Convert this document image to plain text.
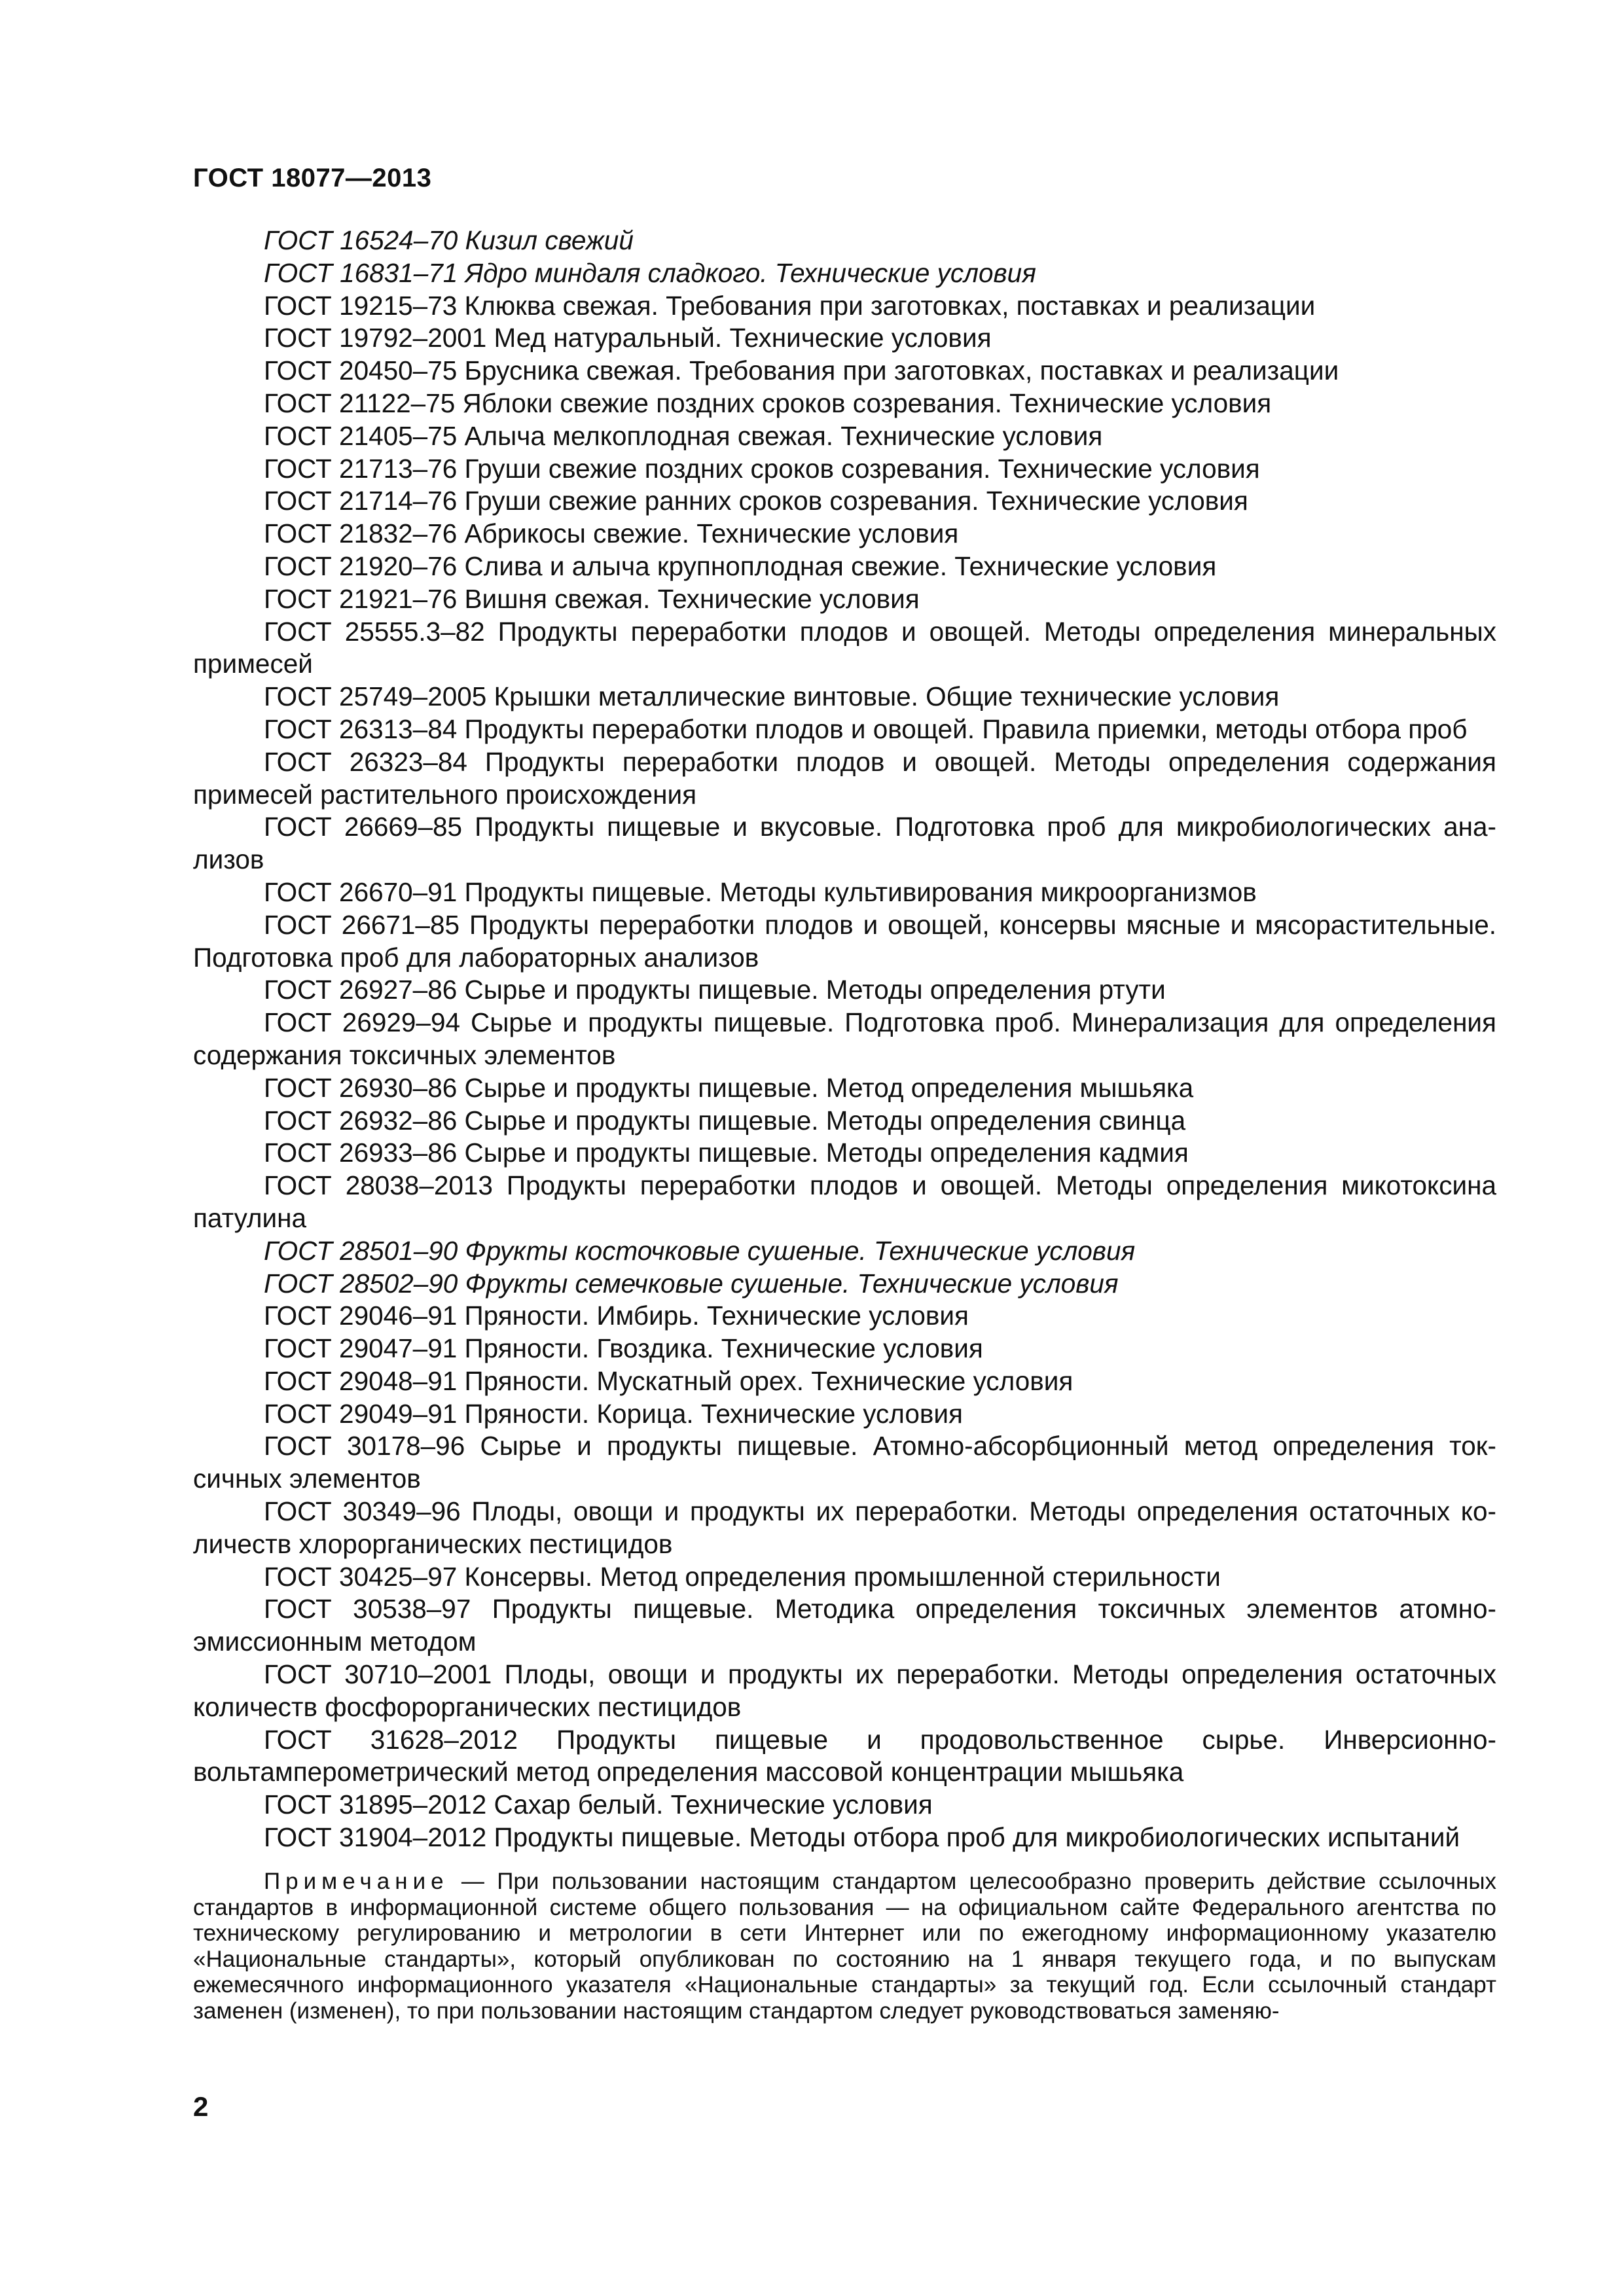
ГОСТ 18077—2013
ГОСТ 16524–70 Кизил свежий
ГОСТ 16831–71 Ядро миндаля сладкого. Технические условия
ГОСТ 19215–73 Клюква свежая. Требования при заготовках, поставках и реализации
ГОСТ 19792–2001 Мед натуральный. Технические условия
ГОСТ 20450–75 Брусника свежая. Требования при заготовках, поставках и реализации
ГОСТ 21122–75 Яблоки свежие поздних сроков созревания. Технические условия
ГОСТ 21405–75 Алыча мелкоплодная свежая. Технические условия
ГОСТ 21713–76 Груши свежие поздних сроков созревания. Технические условия
ГОСТ 21714–76 Груши свежие ранних сроков созревания. Технические условия
ГОСТ 21832–76 Абрикосы свежие. Технические условия
ГОСТ 21920–76 Слива и алыча крупноплодная свежие. Технические условия
ГОСТ 21921–76 Вишня свежая. Технические условия
ГОСТ 25555.3–82 Продукты переработки плодов и овощей. Методы определения минеральных примесей
ГОСТ 25749–2005 Крышки металлические винтовые. Общие технические условия
ГОСТ 26313–84 Продукты переработки плодов и овощей. Правила приемки, методы отбора проб
ГОСТ 26323–84 Продукты переработки плодов и овощей. Методы определения содержания примесей растительного происхождения
ГОСТ 26669–85 Продукты пищевые и вкусовые. Подготовка проб для микробиологических анализов
ГОСТ 26670–91 Продукты пищевые. Методы культивирования микроорганизмов
ГОСТ 26671–85 Продукты переработки плодов и овощей, консервы мясные и мясорастительные. Подготовка проб для лабораторных анализов
ГОСТ 26927–86 Сырье и продукты пищевые. Методы определения ртути
ГОСТ 26929–94 Сырье и продукты пищевые. Подготовка проб. Минерализация для определения содержания токсичных элементов
ГОСТ 26930–86 Сырье и продукты пищевые. Метод определения мышьяка
ГОСТ 26932–86 Сырье и продукты пищевые. Методы определения свинца
ГОСТ 26933–86 Сырье и продукты пищевые. Методы определения кадмия
ГОСТ 28038–2013 Продукты переработки плодов и овощей. Методы определения микотоксина патулина
ГОСТ 28501–90 Фрукты косточковые сушеные. Технические условия
ГОСТ 28502–90 Фрукты семечковые сушеные. Технические условия
ГОСТ 29046–91 Пряности. Имбирь. Технические условия
ГОСТ 29047–91 Пряности. Гвоздика. Технические условия
ГОСТ 29048–91 Пряности. Мускатный орех. Технические условия
ГОСТ 29049–91 Пряности. Корица. Технические условия
ГОСТ 30178–96 Сырье и продукты пищевые. Атомно-абсорбционный метод определения токсичных элементов
ГОСТ 30349–96 Плоды, овощи и продукты их переработки. Методы определения остаточных количеств хлорорганических пестицидов
ГОСТ 30425–97 Консервы. Метод определения промышленной стерильности
ГОСТ 30538–97 Продукты пищевые. Методика определения токсичных элементов атомно-эмиссионным методом
ГОСТ 30710–2001 Плоды, овощи и продукты их переработки. Методы определения остаточных количеств фосфорорганических пестицидов
ГОСТ 31628–2012 Продукты пищевые и продовольственное сырье. Инверсионно-вольтамперометрический метод определения массовой концентрации мышьяка
ГОСТ 31895–2012 Сахар белый. Технические условия
ГОСТ 31904–2012 Продукты пищевые. Методы отбора проб для микробиологических испытаний

Примечание — При пользовании настоящим стандартом целесообразно проверить действие ссылочных стандартов в информационной системе общего пользования — на официальном сайте Федерального агентства по техническому регулированию и метрологии в сети Интернет или по ежегодному информационному указателю «Национальные стандарты», который опубликован по состоянию на 1 января текущего года, и по выпускам ежемесячного информационного указателя «Национальные стандарты» за текущий год. Если ссылочный стандарт заменен (изменен), то при пользовании настоящим стандартом следует руководствоваться заменяю-

2
